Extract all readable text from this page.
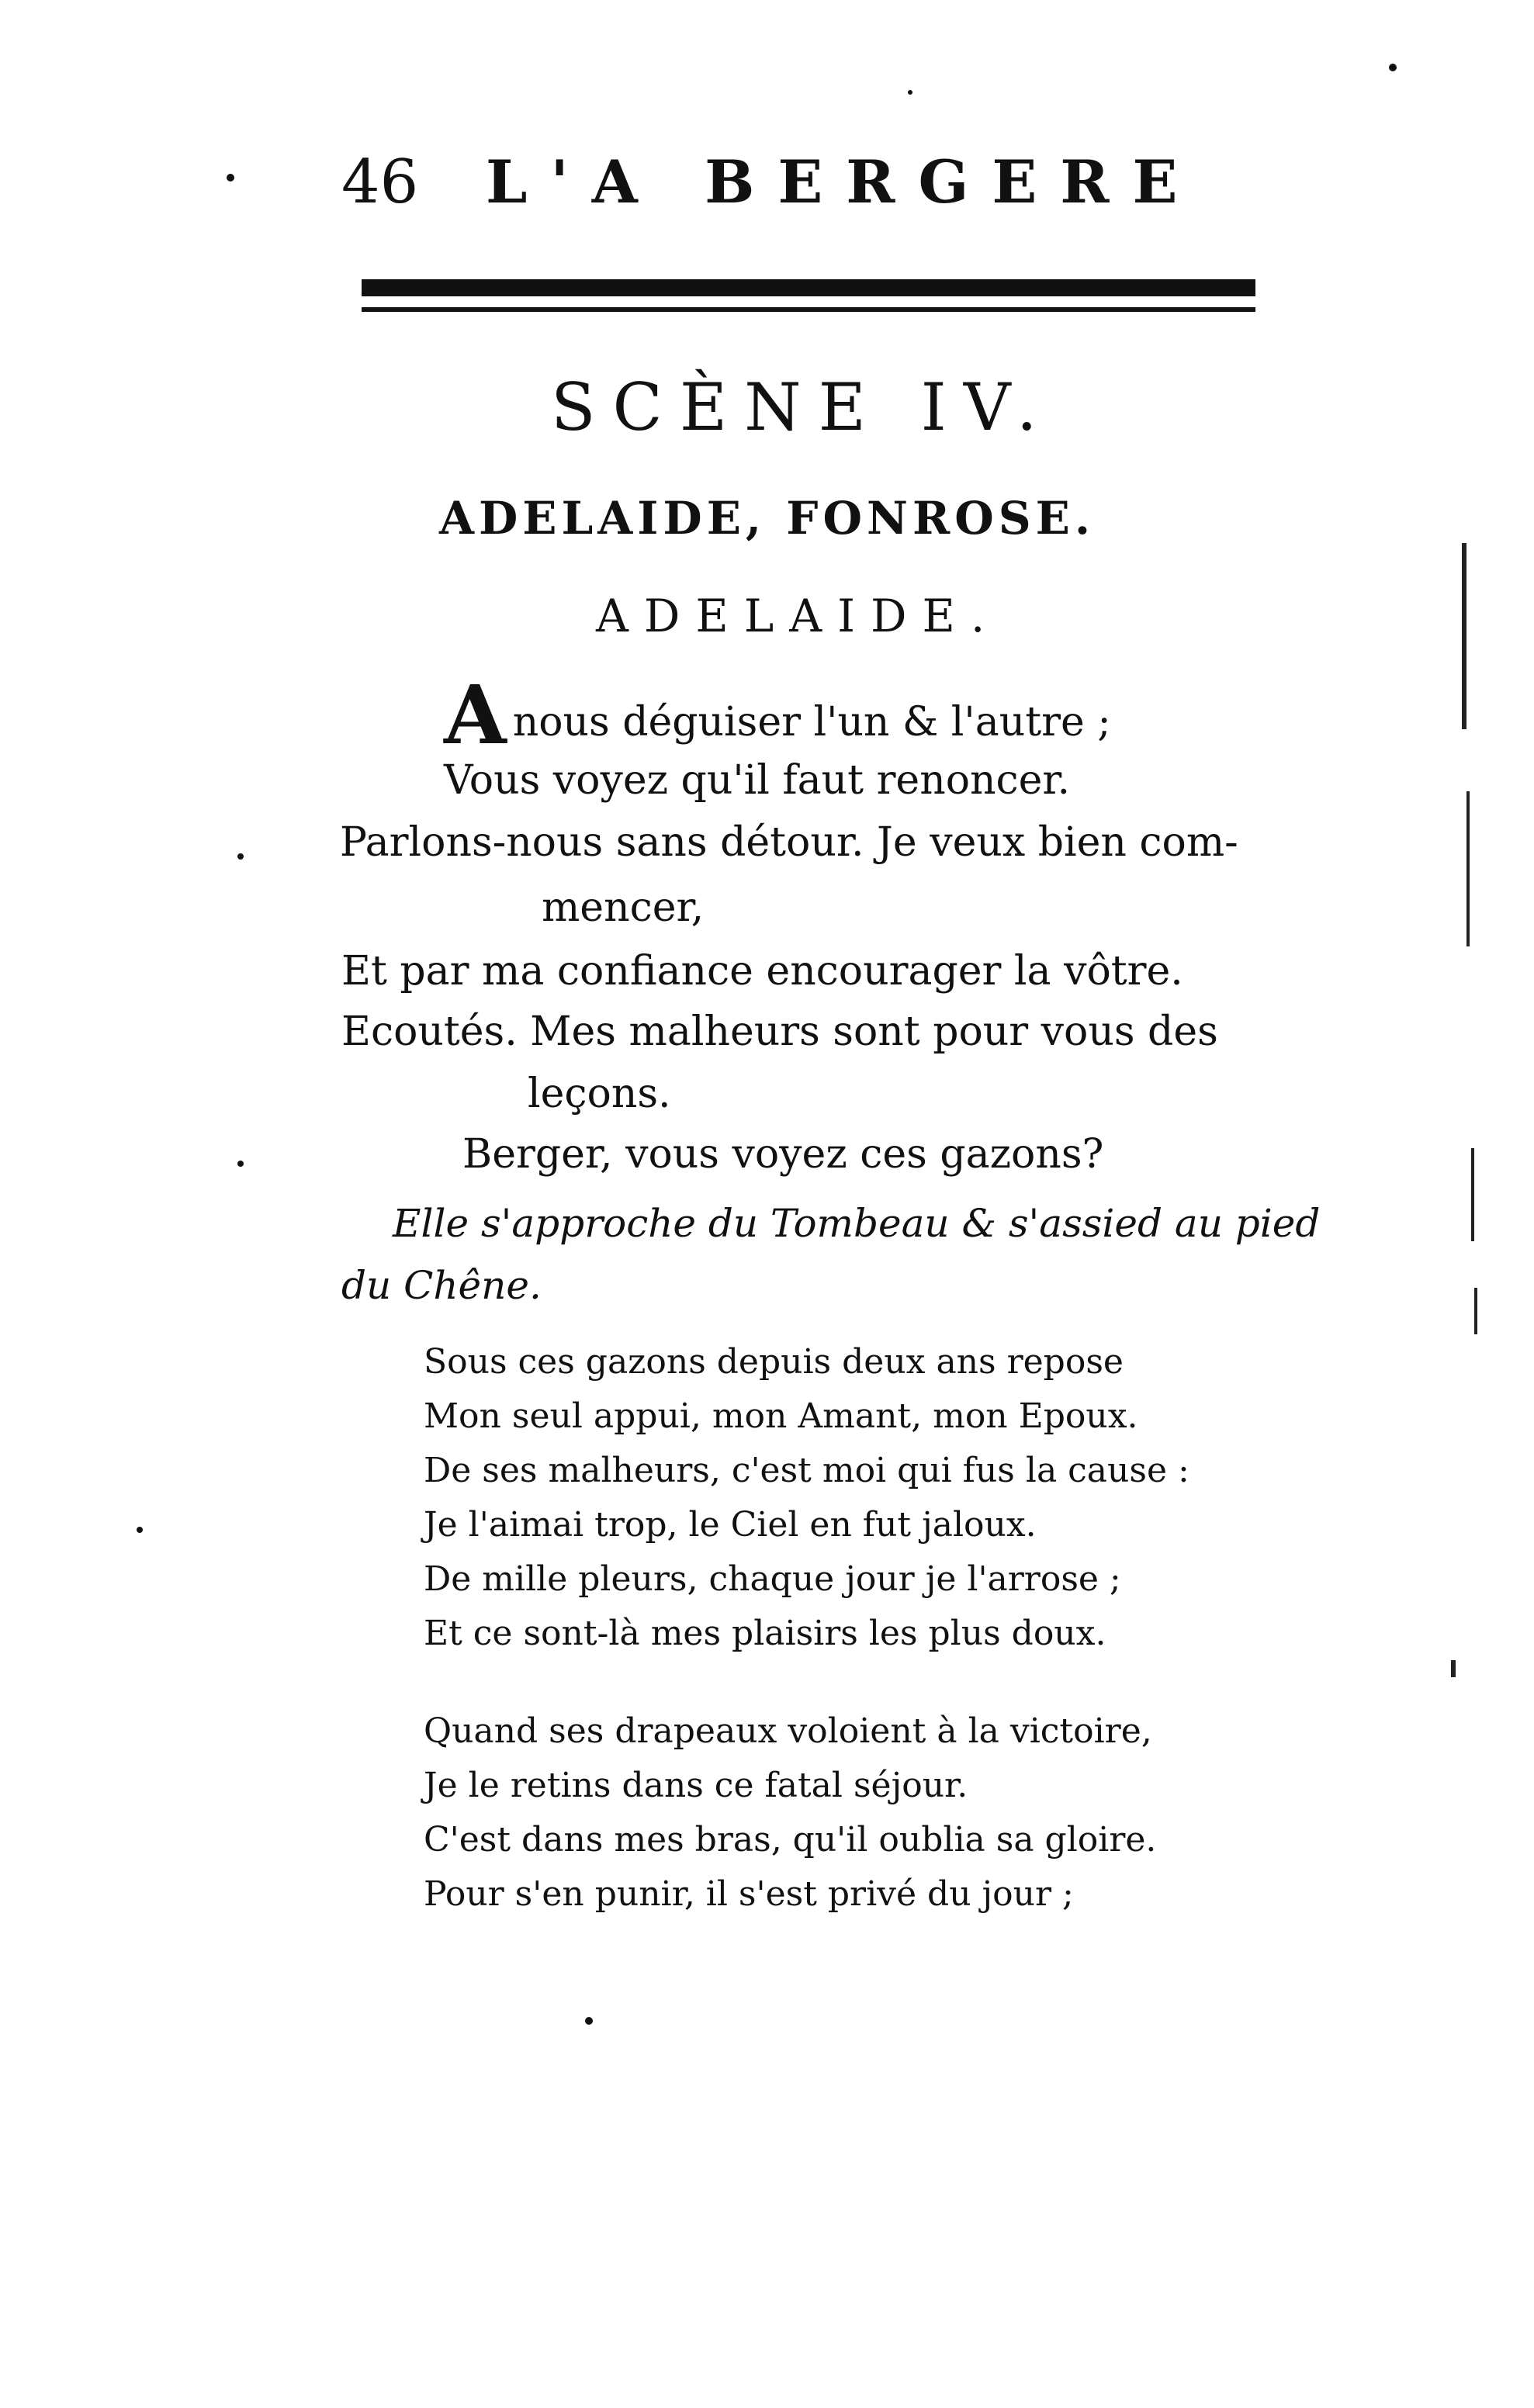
46 L'A BERGERE
SCÈNE IV.
ADELAIDE, FONROSE.
ADELAIDE.
Anous déguiser l'un & l'autre ;
Vous voyez qu'il faut renoncer.
Parlons-nous sans détour. Je veux bien com-
mencer,
Et par ma confiance encourager la vôtre.
Ecoutés. Mes malheurs sont pour vous des
leçons.
Berger, vous voyez ces gazons?
Elle s'approche du Tombeau & s'assied au pied
du Chêne.
Sous ces gazons depuis deux ans repose
Mon seul appui, mon Amant, mon Epoux.
De ses malheurs, c'est moi qui fus la cause :
Je l'aimai trop, le Ciel en fut jaloux.
De mille pleurs, chaque jour je l'arrose ;
Et ce sont-là mes plaisirs les plus doux.
Quand ses drapeaux voloient à la victoire,
Je le retins dans ce fatal séjour.
C'est dans mes bras, qu'il oublia sa gloire.
Pour s'en punir, il s'est privé du jour ;
